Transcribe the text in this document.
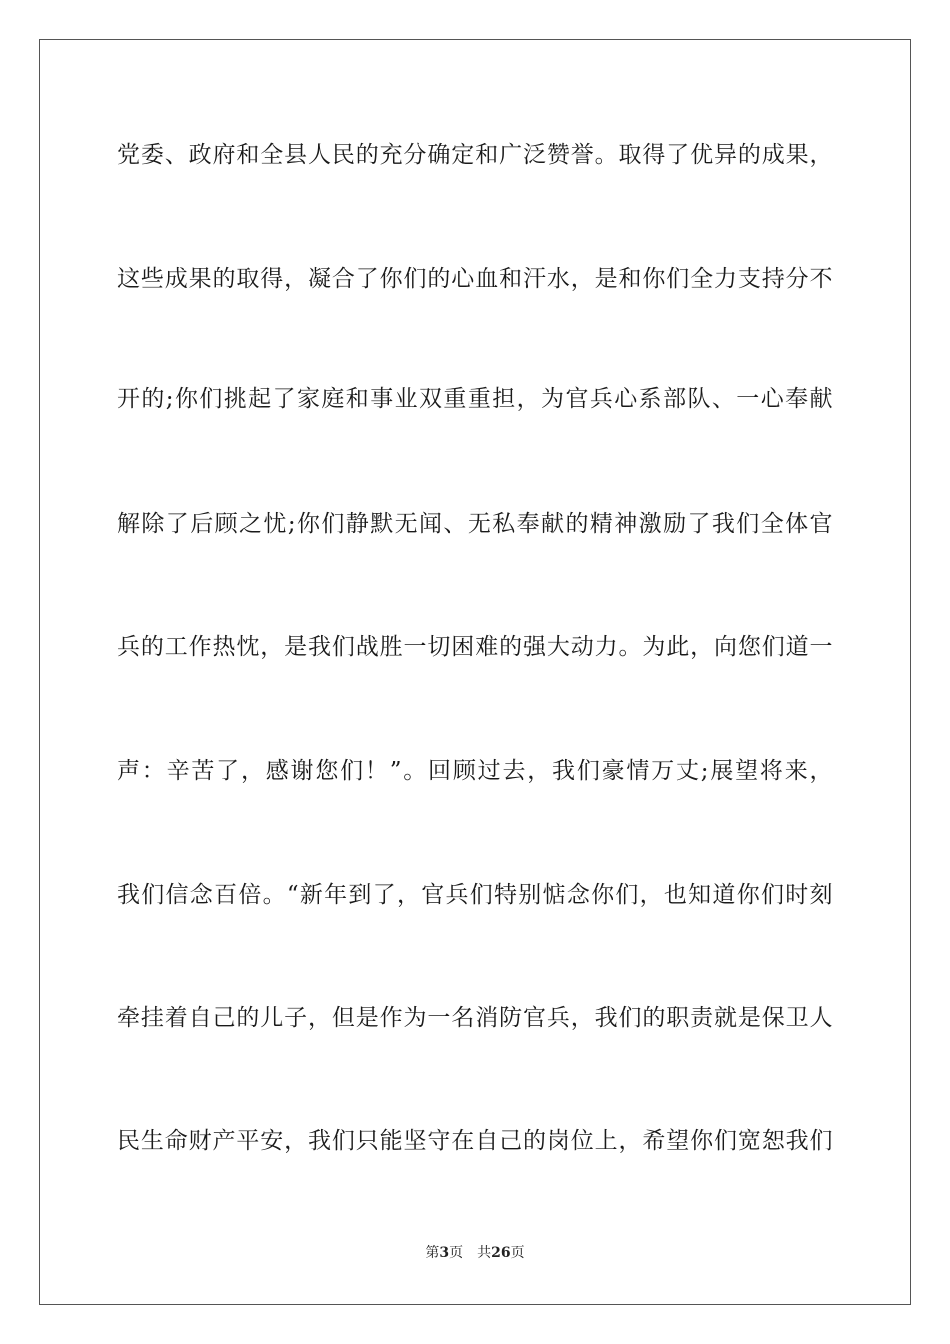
党委、政府和全县人民的充分确定和广泛赞誉。取得了优异的成果，
这些成果的取得，凝合了你们的心血和汗水，是和你们全力支持分不
开的;你们挑起了家庭和事业双重重担，为官兵心系部队、一心奉献
解除了后顾之忧;你们静默无闻、无私奉献的精神激励了我们全体官
兵的工作热忱，是我们战胜一切困难的强大动力。为此，向您们道一
声：辛苦了，感谢您们！”。回顾过去，我们豪情万丈;展望将来，
我们信念百倍。“新年到了，官兵们特别惦念你们，也知道你们时刻
牵挂着自己的儿子，但是作为一名消防官兵，我们的职责就是保卫人
民生命财产平安，我们只能坚守在自己的岗位上，希望你们宽恕我们
第3页 共26页
